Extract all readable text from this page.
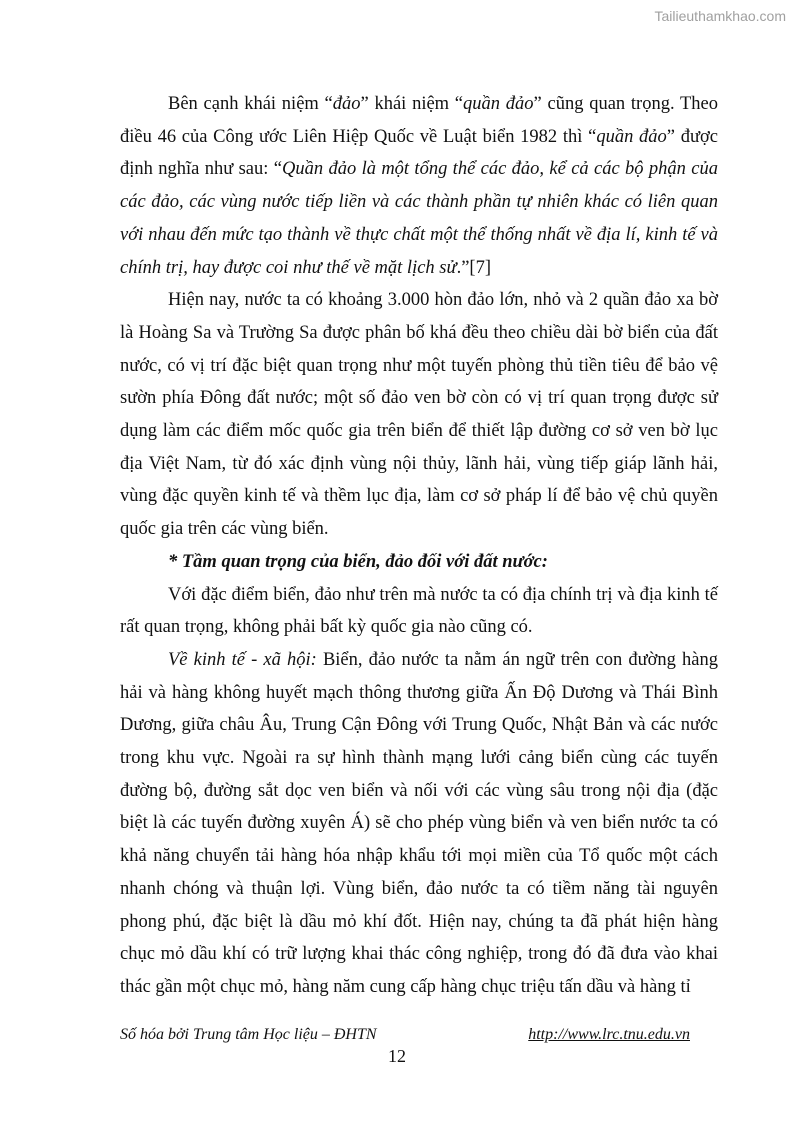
Tailieuthamkhao.com

Bên cạnh khái niệm “đảo” khái niệm “quần đảo” cũng quan trọng. Theo điều 46 của Công ước Liên Hiệp Quốc về Luật biển 1982 thì “quần đảo” được định nghĩa như sau: “Quần đảo là một tổng thể các đảo, kể cả các bộ phận của các đảo, các vùng nước tiếp liền và các thành phần tự nhiên khác có liên quan với nhau đến mức tạo thành về thực chất một thể thống nhất về địa lí, kinh tế và chính trị, hay được coi như thế về mặt lịch sử.”[7]

Hiện nay, nước ta có khoảng 3.000 hòn đảo lớn, nhỏ và 2 quần đảo xa bờ là Hoàng Sa và Trường Sa được phân bố khá đều theo chiều dài bờ biển của đất nước, có vị trí đặc biệt quan trọng như một tuyến phòng thủ tiền tiêu để bảo vệ sườn phía Đông đất nước; một số đảo ven bờ còn có vị trí quan trọng được sử dụng làm các điểm mốc quốc gia trên biển để thiết lập đường cơ sở ven bờ lục địa Việt Nam, từ đó xác định vùng nội thủy, lãnh hải, vùng tiếp giáp lãnh hải, vùng đặc quyền kinh tế và thềm lục địa, làm cơ sở pháp lí để bảo vệ chủ quyền quốc gia trên các vùng biển.

* Tầm quan trọng của biển, đảo đối với đất nước:

Với đặc điểm biển, đảo như trên mà nước ta có địa chính trị và địa kinh tế rất quan trọng, không phải bất kỳ quốc gia nào cũng có.

Về kinh tế - xã hội: Biển, đảo nước ta nằm án ngữ trên con đường hàng hải và hàng không huyết mạch thông thương giữa Ấn Độ Dương và Thái Bình Dương, giữa châu Âu, Trung Cận Đông với Trung Quốc, Nhật Bản và các nước trong khu vực. Ngoài ra sự hình thành mạng lưới cảng biển cùng các tuyến đường bộ, đường sắt dọc ven biển và nối với các vùng sâu trong nội địa (đặc biệt là các tuyến đường xuyên Á) sẽ cho phép vùng biển và ven biển nước ta có khả năng chuyển tải hàng hóa nhập khẩu tới mọi miền của Tổ quốc một cách nhanh chóng và thuận lợi. Vùng biển, đảo nước ta có tiềm năng tài nguyên phong phú, đặc biệt là dầu mỏ khí đốt. Hiện nay, chúng ta đã phát hiện hàng chục mỏ dầu khí có trữ lượng khai thác công nghiệp, trong đó đã đưa vào khai thác gần một chục mỏ, hàng năm cung cấp hàng chục triệu tấn dầu và hàng tỉ

Số hóa bởi Trung tâm Học liệu – ĐHTN	http://www.lrc.tnu.edu.vn
12
